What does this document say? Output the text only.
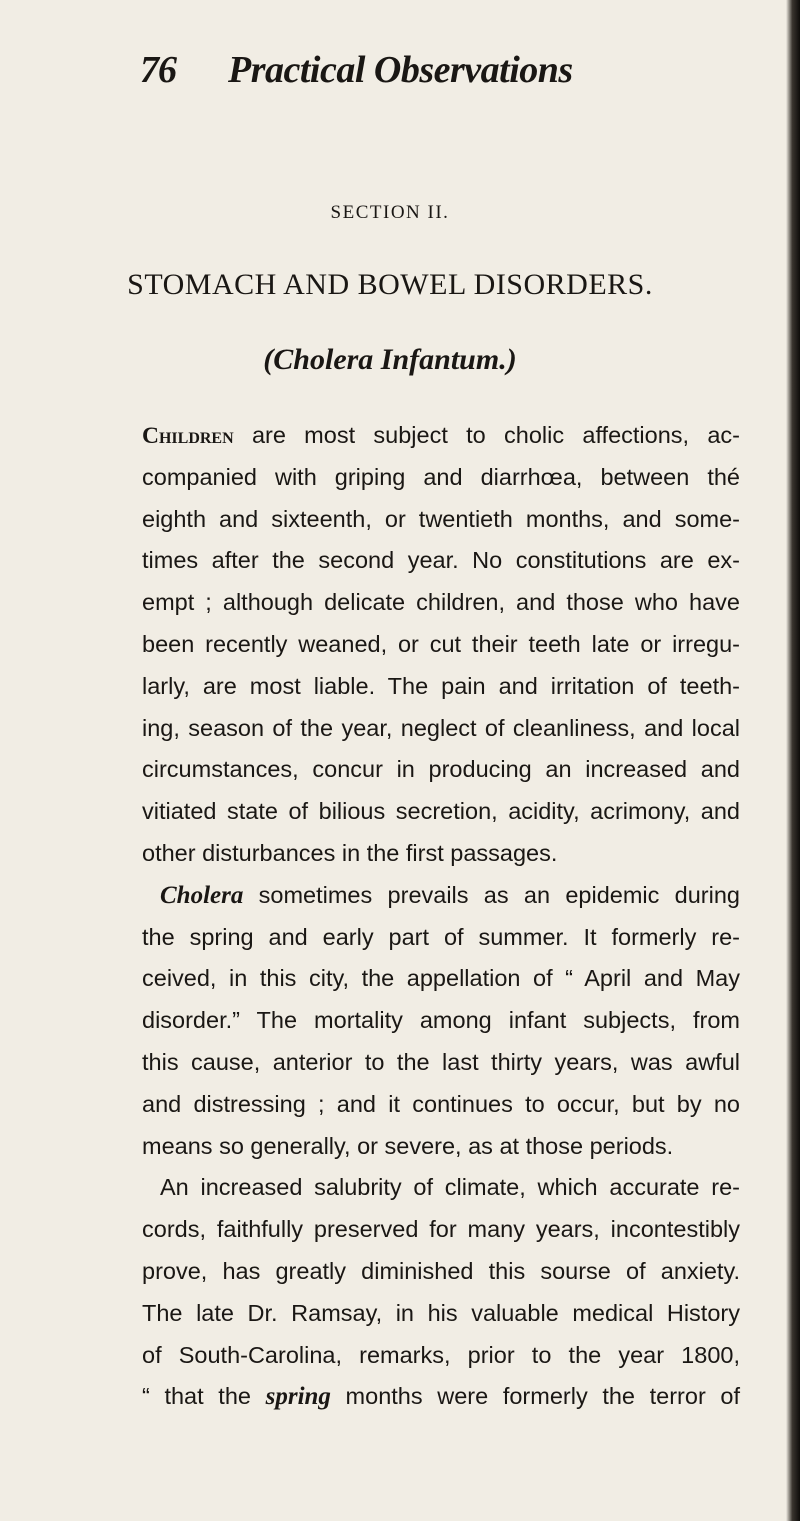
76 Practical Observations
SECTION II.
STOMACH AND BOWEL DISORDERS.
(Cholera Infantum.)
Children are most subject to cholic affections, ac-
companied with griping and diarrhœa, between thé
eighth and sixteenth, or twentieth months, and some-
times after the second year. No constitutions are ex-
empt ; although delicate children, and those who have
been recently weaned, or cut their teeth late or irregu-
larly, are most liable. The pain and irritation of teeth-
ing, season of the year, neglect of cleanliness, and local
circumstances, concur in producing an increased and
vitiated state of bilious secretion, acidity, acrimony, and
other disturbances in the first passages.
Cholera sometimes prevails as an epidemic during
the spring and early part of summer. It formerly re-
ceived, in this city, the appellation of “ April and May
disorder.” The mortality among infant subjects, from
this cause, anterior to the last thirty years, was awful
and distressing ; and it continues to occur, but by no
means so generally, or severe, as at those periods.
An increased salubrity of climate, which accurate re-
cords, faithfully preserved for many years, incontestibly
prove, has greatly diminished this sourse of anxiety.
The late Dr. Ramsay, in his valuable medical History
of South-Carolina, remarks, prior to the year 1800,
“ that the spring months were formerly the terror of
